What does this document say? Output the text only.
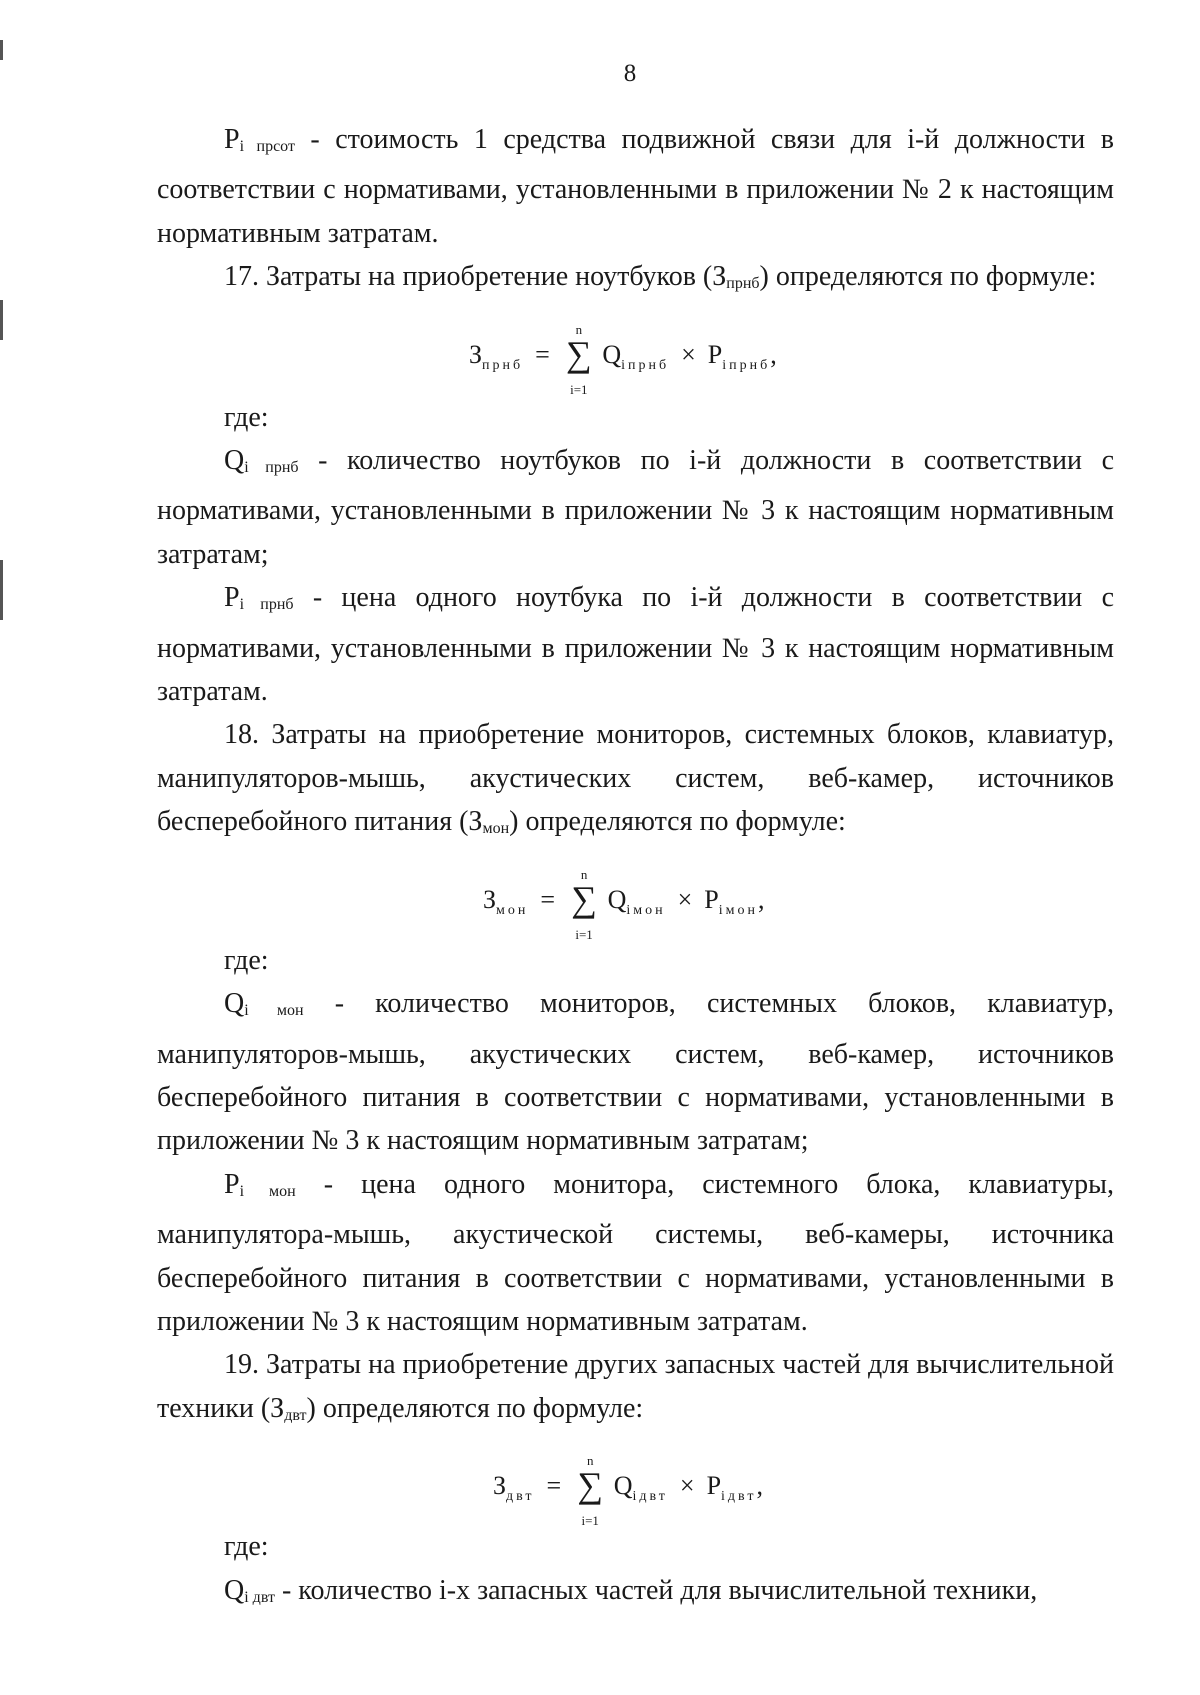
8

$P_{i прсот}$ - стоимость 1 средства подвижной связи для i-й должности в соответствии с нормативами, установленными в приложении № 2 к настоящим нормативным затратам.

17. Затраты на приобретение ноутбуков $(З_{прнб})$ определяются по формуле:

$З_{прнб}$ =
n
∑
i=1
$Q_{iпрнб} \times P_{iпрнб}$,

где:

$Q_{i прнб}$ - количество ноутбуков по i-й должности в соответствии с нормативами, установленными в приложении № 3 к настоящим нормативным затратам;

$P_{i прнб}$ - цена одного ноутбука по i-й должности в соответствии с нормативами, установленными в приложении № 3 к настоящим нормативным затратам.

18. Затраты на приобретение мониторов, системных блоков, клавиатур, манипуляторов-мышь, акустических систем, веб-камер, источников бесперебойного питания $(З_{мон})$ определяются по формуле:

$З_{мон}$ =
n
∑
i=1
$Q_{iмон} \times P_{iмон}$,

где:

$Q_{i мон}$ - количество мониторов, системных блоков, клавиатур, манипуляторов-мышь, акустических систем, веб-камер, источников бесперебойного питания в соответствии с нормативами, установленными в приложении № 3 к настоящим нормативным затратам;

$P_{i мон}$ - цена одного монитора, системного блока, клавиатуры, манипулятора-мышь, акустической системы, веб-камеры, источника бесперебойного питания в соответствии с нормативами, установленными в приложении № 3 к настоящим нормативным затратам.

19. Затраты на приобретение других запасных частей для вычислительной техники $(З_{двт})$ определяются по формуле:

$З_{двт}$ =
n
∑
i=1
$Q_{iдвт} \times P_{iдвт}$,

где:

$Q_{i двт}$ - количество i-х запасных частей для вычислительной техники,
